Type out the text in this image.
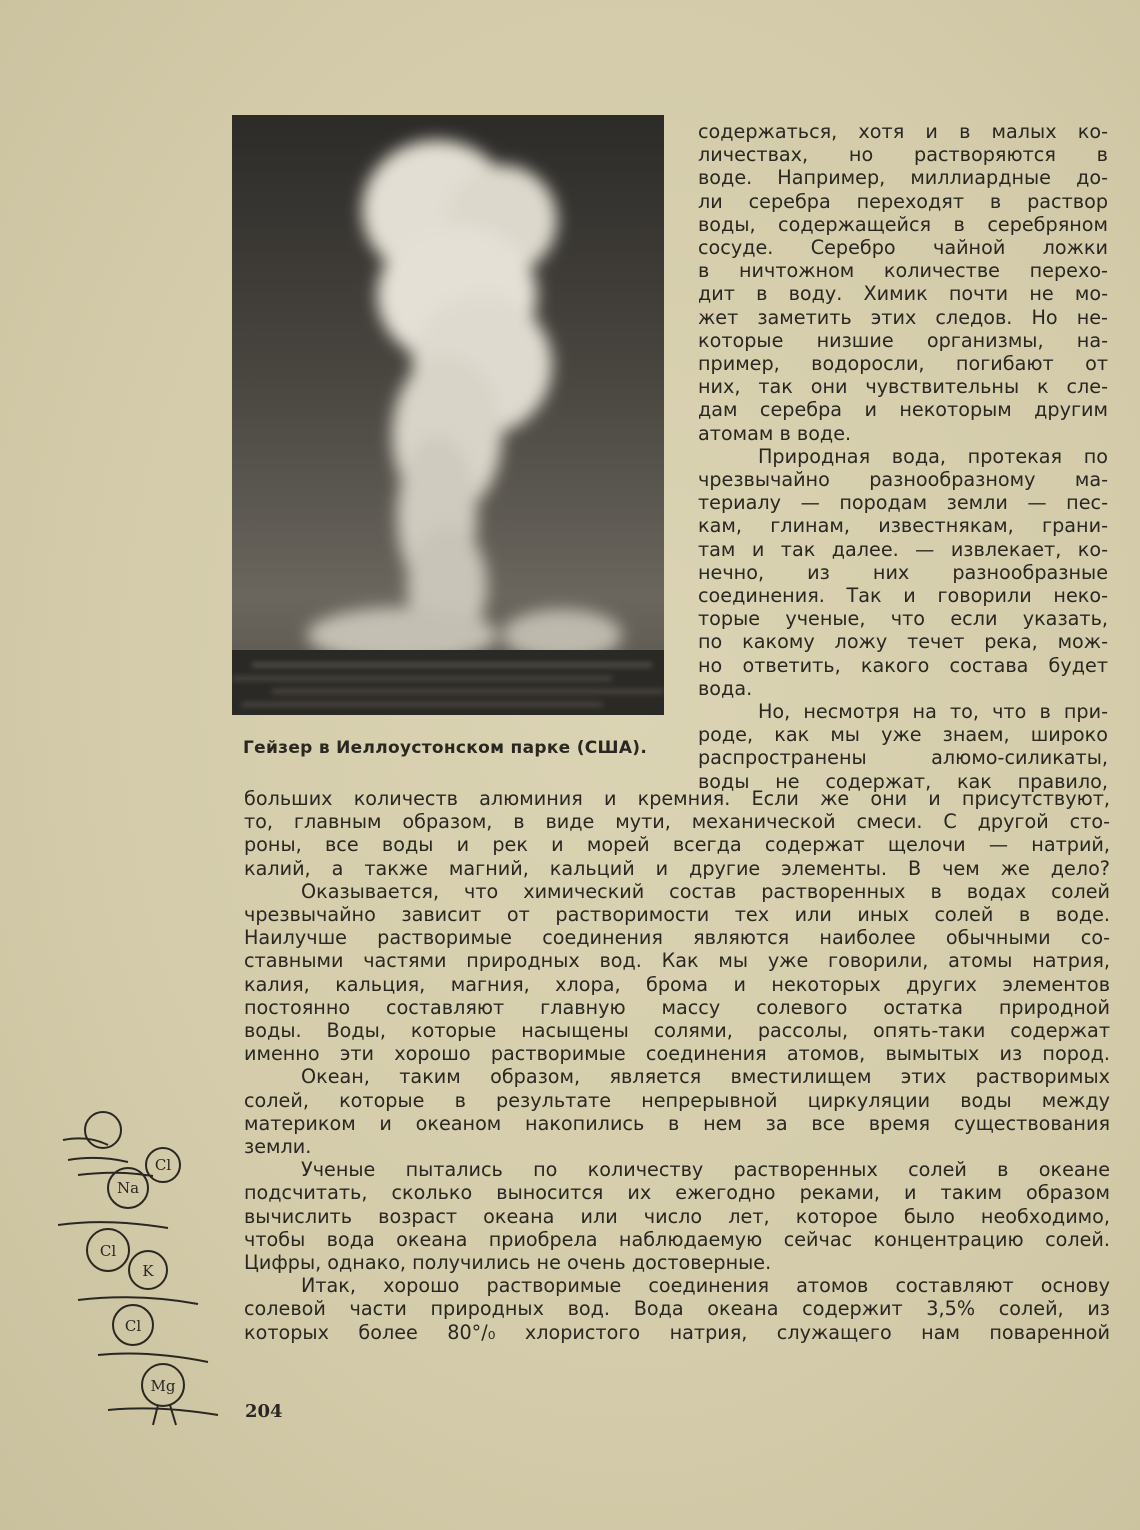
Гейзер в Иеллоустонском парке (США).
содержаться, хотя и в малых ко-
личествах, но растворяются в
воде. Например, миллиардные до-
ли серебра переходят в раствор
воды, содержащейся в серебряном
сосуде. Серебро чайной ложки
в ничтожном количестве перехо-
дит в воду. Химик почти не мо-
жет заметить этих следов. Но не-
которые низшие организмы, на-
пример, водоросли, погибают от
них, так они чувствительны к сле-
дам серебра и некоторым другим
атомам в воде.
Природная вода, протекая по
чрезвычайно разнообразному ма-
териалу — породам земли — пес-
кам, глинам, известнякам, грани-
там и так далее. — извлекает, ко-
нечно, из них разнообразные
соединения. Так и говорили неко-
торые ученые, что если указать,
по какому ложу течет река, мож-
но ответить, какого состава будет
вода.
Но, несмотря на то, что в при-
роде, как мы уже знаем, широко
распространены алюмо-силикаты,
воды не содержат, как правило,
больших количеств алюминия и кремния. Если же они и присутствуют,
то, главным образом, в виде мути, механической смеси. С другой сто-
роны, все воды и рек и морей всегда содержат щелочи — натрий,
калий, а также магний, кальций и другие элементы. В чем же дело?
Оказывается, что химический состав растворенных в водах солей
чрезвычайно зависит от растворимости тех или иных солей в воде.
Наилучше растворимые соединения являются наиболее обычными со-
ставными частями природных вод. Как мы уже говорили, атомы натрия,
калия, кальция, магния, хлора, брома и некоторых других элементов
постоянно составляют главную массу солевого остатка природной
воды. Воды, которые насыщены солями, рассолы, опять-таки содержат
именно эти хорошо растворимые соединения атомов, вымытых из пород.
Океан, таким образом, является вместилищем этих растворимых
солей, которые в результате непрерывной циркуляции воды между
материком и океаном накопились в нем за все время существования
земли.
Ученые пытались по количеству растворенных солей в океане
подсчитать, сколько выносится их ежегодно реками, и таким образом
вычислить возраст океана или число лет, которое было необходимо,
чтобы вода океана приобрела наблюдаемую сейчас концентрацию солей.
Цифры, однако, получились не очень достоверные.
Итак, хорошо растворимые соединения атомов составляют основу
солевой части природных вод. Вода океана содержит 3,5% солей, из
которых более 80°/₀ хлористого натрия, служащего нам поваренной
Cl
Na
Cl
K
Cl
Mg
204
